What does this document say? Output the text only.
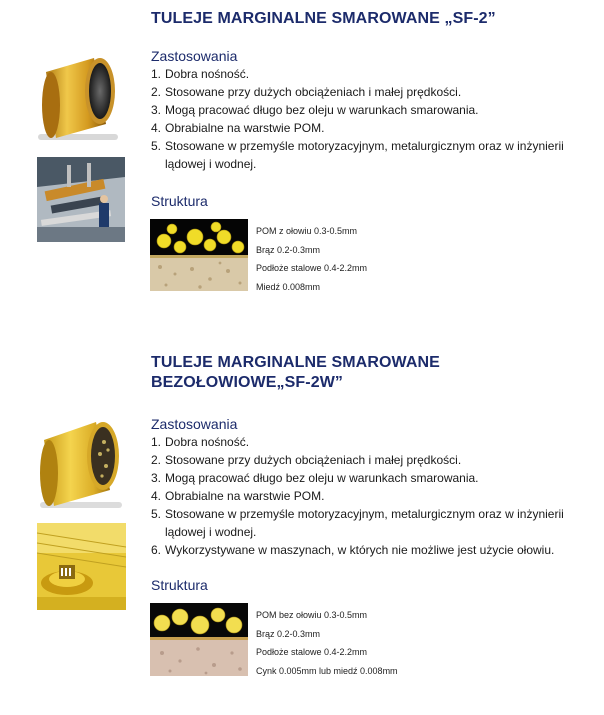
TULEJE MARGINALNE SMAROWANE „SF-2”
Zastosowania
1. Dobra nośność.
2. Stosowane przy dużych obciążeniach i małej prędkości.
3. Mogą pracować długo bez oleju w warunkach smarowania.
4. Obrabialne na warstwie POM.
5. Stosowane w przemyśle motoryzacyjnym, metalurgicznym oraz w inżynierii lądowej i wodnej.
Struktura
POM z ołowiu 0.3-0.5mm
Brąz 0.2-0.3mm
Podłoże stalowe 0.4-2.2mm
Miedź 0.008mm
TULEJE MARGINALNE SMAROWANE
BEZOŁOWIOWE„SF-2W”
Zastosowania
1. Dobra nośność.
2. Stosowane przy dużych obciążeniach i małej prędkości.
3. Mogą pracować długo bez oleju w warunkach smarowania.
4. Obrabialne na warstwie POM.
5. Stosowane w przemyśle motoryzacyjnym, metalurgicznym oraz w inżynierii lądowej i wodnej.
6. Wykorzystywane w maszynach, w których nie możliwe jest użycie ołowiu.
Struktura
POM bez ołowiu 0.3-0.5mm
Brąz 0.2-0.3mm
Podłoże stalowe 0.4-2.2mm
Cynk 0.005mm lub miedź 0.008mm
